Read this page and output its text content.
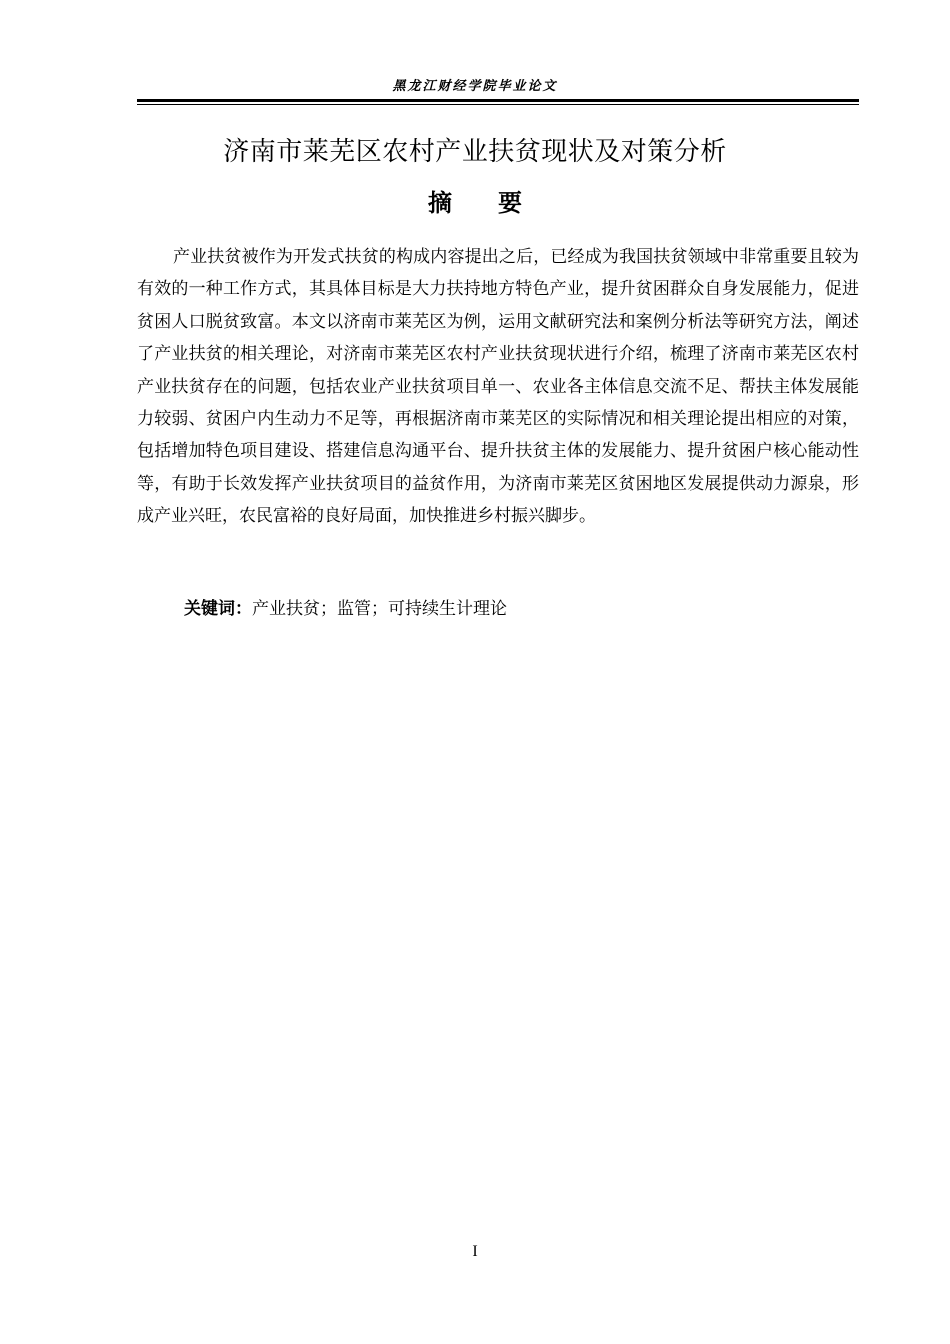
黑龙江财经学院毕业论文
济南市莱芜区农村产业扶贫现状及对策分析
摘要

产业扶贫被作为开发式扶贫的构成内容提出之后，已经成为我国扶贫领域中非常重要且较为有效的一种工作方式，其具体目标是大力扶持地方特色产业，提升贫困群众自身发展能力，促进贫困人口脱贫致富。本文以济南市莱芜区为例，运用文献研究法和案例分析法等研究方法，阐述了产业扶贫的相关理论，对济南市莱芜区农村产业扶贫现状进行介绍，梳理了济南市莱芜区农村产业扶贫存在的问题，包括农业产业扶贫项目单一、农业各主体信息交流不足、帮扶主体发展能力较弱、贫困户内生动力不足等，再根据济南市莱芜区的实际情况和相关理论提出相应的对策，包括增加特色项目建设、搭建信息沟通平台、提升扶贫主体的发展能力、提升贫困户核心能动性等，有助于长效发挥产业扶贫项目的益贫作用，为济南市莱芜区贫困地区发展提供动力源泉，形成产业兴旺，农民富裕的良好局面，加快推进乡村振兴脚步。

关键词：产业扶贫；监管；可持续生计理论
I
